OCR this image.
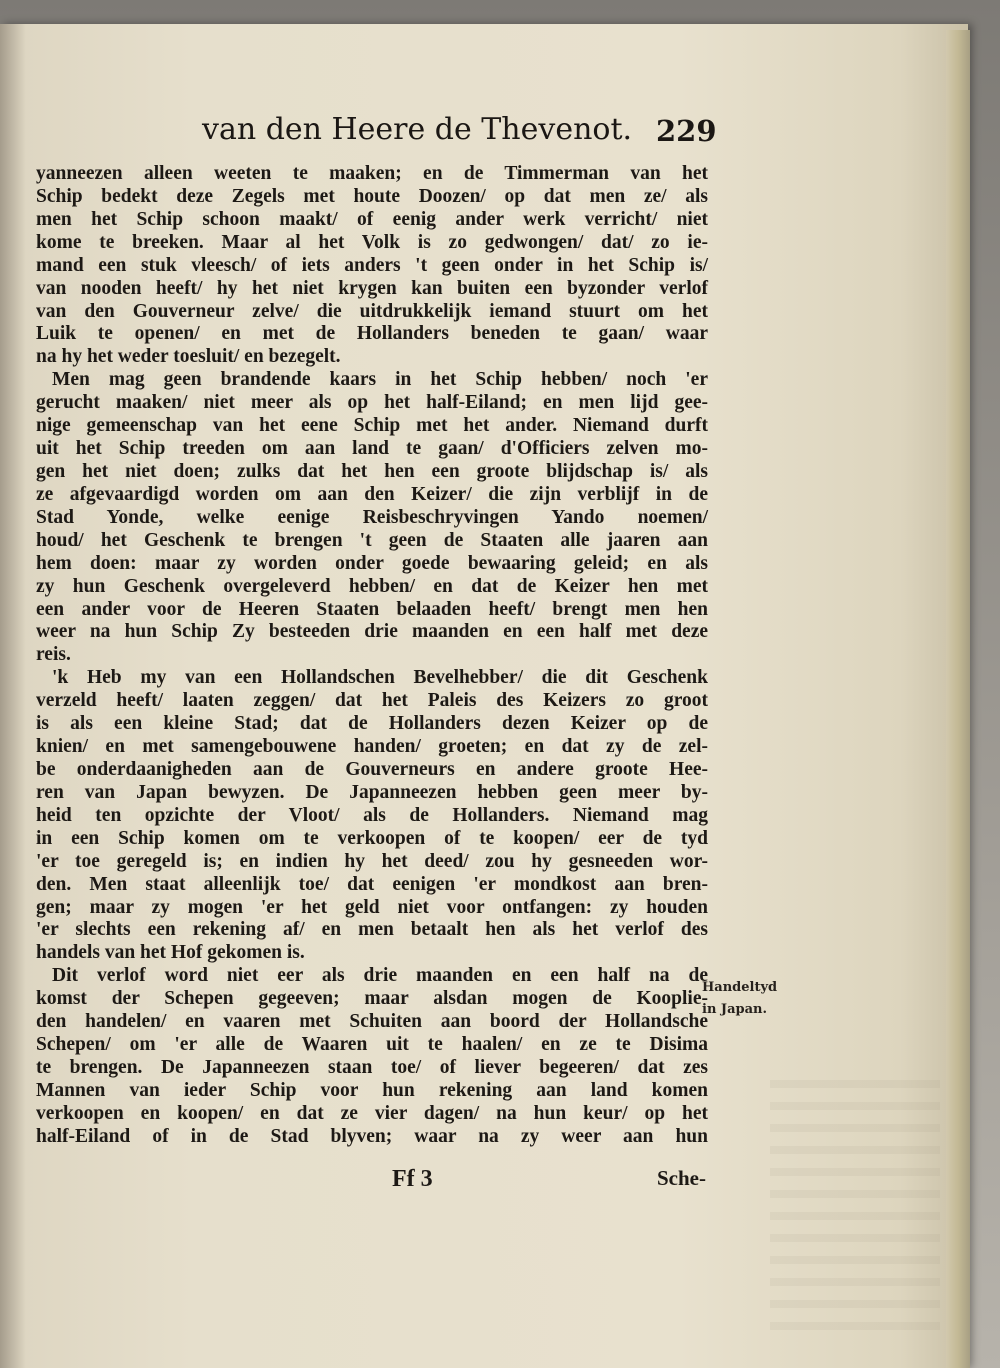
van den Heere de Thevenot. 229
yanneezen alleen weeten te maaken; en de Timmerman van het
Schip bedekt deze Zegels met houte Doozen/ op dat men ze/ als
men het Schip schoon maakt/ of eenig ander werk verricht/ niet
kome te breeken. Maar al het Volk is zo gedwongen/ dat/ zo ie-
mand een stuk vleesch/ of iets anders 't geen onder in het Schip is/
van nooden heeft/ hy het niet krygen kan buiten een byzonder verlof
van den Gouverneur zelve/ die uitdrukkelijk iemand stuurt om het
Luik te openen/ en met de Hollanders beneden te gaan/ waar
na hy het weder toesluit/ en bezegelt.
Men mag geen brandende kaars in het Schip hebben/ noch 'er
gerucht maaken/ niet meer als op het half-Eiland; en men lijd gee-
nige gemeenschap van het eene Schip met het ander. Niemand durft
uit het Schip treeden om aan land te gaan/ d'Officiers zelven mo-
gen het niet doen; zulks dat het hen een groote blijdschap is/ als
ze afgevaardigd worden om aan den Keizer/ die zijn verblijf in de
Stad Yonde, welke eenige Reisbeschryvingen Yando noemen/
houd/ het Geschenk te brengen 't geen de Staaten alle jaaren aan
hem doen: maar zy worden onder goede bewaaring geleid; en als
zy hun Geschenk overgeleverd hebben/ en dat de Keizer hen met
een ander voor de Heeren Staaten belaaden heeft/ brengt men hen
weer na hun Schip Zy besteeden drie maanden en een half met deze
reis.
'k Heb my van een Hollandschen Bevelhebber/ die dit Geschenk
verzeld heeft/ laaten zeggen/ dat het Paleis des Keizers zo groot
is als een kleine Stad; dat de Hollanders dezen Keizer op de
knien/ en met samengebouwene handen/ groeten; en dat zy de zel-
be onderdaanigheden aan de Gouverneurs en andere groote Hee-
ren van Japan bewyzen. De Japanneezen hebben geen meer by-
heid ten opzichte der Vloot/ als de Hollanders. Niemand mag
in een Schip komen om te verkoopen of te koopen/ eer de tyd
'er toe geregeld is; en indien hy het deed/ zou hy gesneeden wor-
den. Men staat alleenlijk toe/ dat eenigen 'er mondkost aan bren-
gen; maar zy mogen 'er het geld niet voor ontfangen: zy houden
'er slechts een rekening af/ en men betaalt hen als het verlof des
handels van het Hof gekomen is.
Dit verlof word niet eer als drie maanden en een half na de
komst der Schepen gegeeven; maar alsdan mogen de Kooplie-
den handelen/ en vaaren met Schuiten aan boord der Hollandsche
Schepen/ om 'er alle de Waaren uit te haalen/ en ze te Disima
te brengen. De Japanneezen staan toe/ of liever begeeren/ dat zes
Mannen van ieder Schip voor hun rekening aan land komen
verkoopen en koopen/ en dat ze vier dagen/ na hun keur/ op het
half-Eiland of in de Stad blyven; waar na zy weer aan hun
Handeltyd
in Japan.
Ff 3	Sche-
